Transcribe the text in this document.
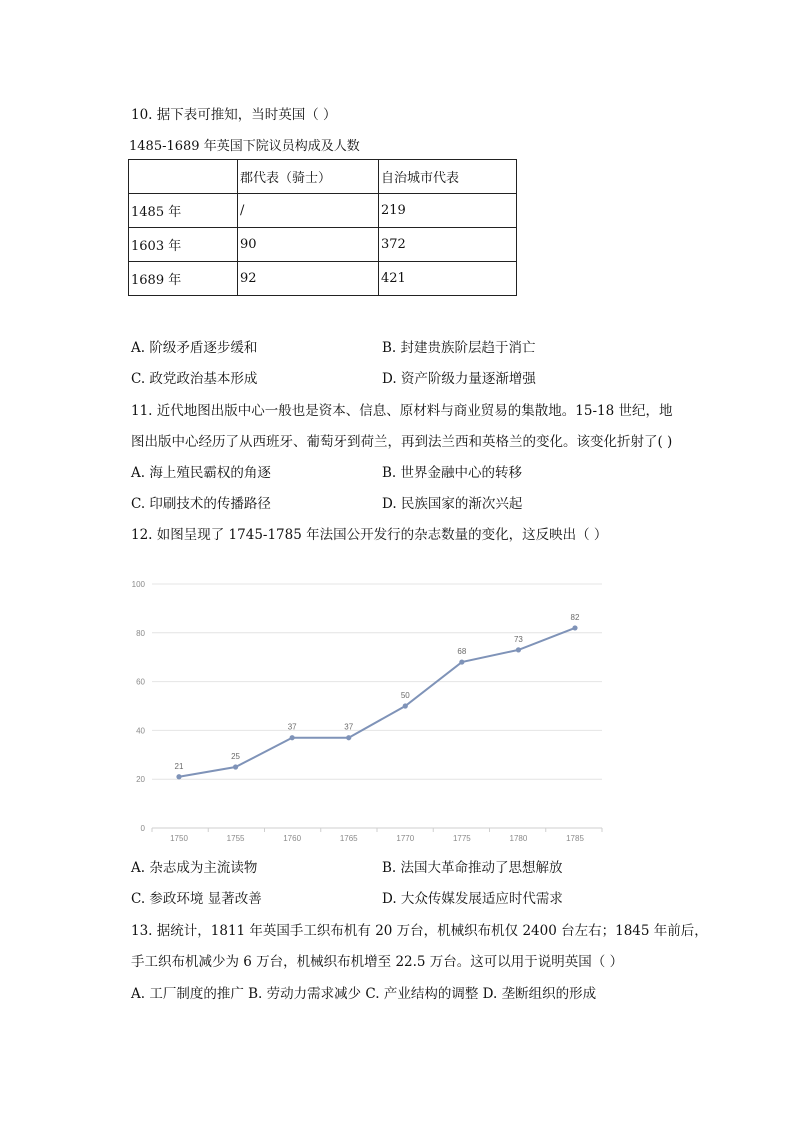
10. 据下表可推知，当时英国（ ）
1485-1689 年英国下院议员构成及人数
	郡代表（骑士）	自治城市代表
1485 年	/	219
1603 年	90	372
1689 年	92	421
A. 阶级矛盾逐步缓和	B. 封建贵族阶层趋于消亡
C. 政党政治基本形成	D. 资产阶级力量逐渐增强
11. 近代地图出版中心一般也是资本、信息、原材料与商业贸易的集散地。15-18 世纪，地
图出版中心经历了从西班牙、葡萄牙到荷兰，再到法兰西和英格兰的变化。该变化折射了( )
A. 海上殖民霸权的角逐	B. 世界金融中心的转移
C. 印刷技术的传播路径	D. 民族国家的渐次兴起
12. 如图呈现了 1745-1785 年法国公开发行的杂志数量的变化，这反映出（ ）
0
20
40
60
80
100
1750	1755	1760	1765	1770	1775	1780	1785
21
25
37	37
50
68
73
82
A. 杂志成为主流读物	B. 法国大革命推动了思想解放
C. 参政环境 显著改善	D. 大众传媒发展适应时代需求
13. 据统计，1811 年英国手工织布机有 20 万台，机械织布机仅 2400 台左右；1845 年前后，
手工织布机减少为 6 万台，机械织布机增至 22.5 万台。这可以用于说明英国（ ）
A. 工厂制度的推广 B. 劳动力需求减少 C. 产业结构的调整 D. 垄断组织的形成
